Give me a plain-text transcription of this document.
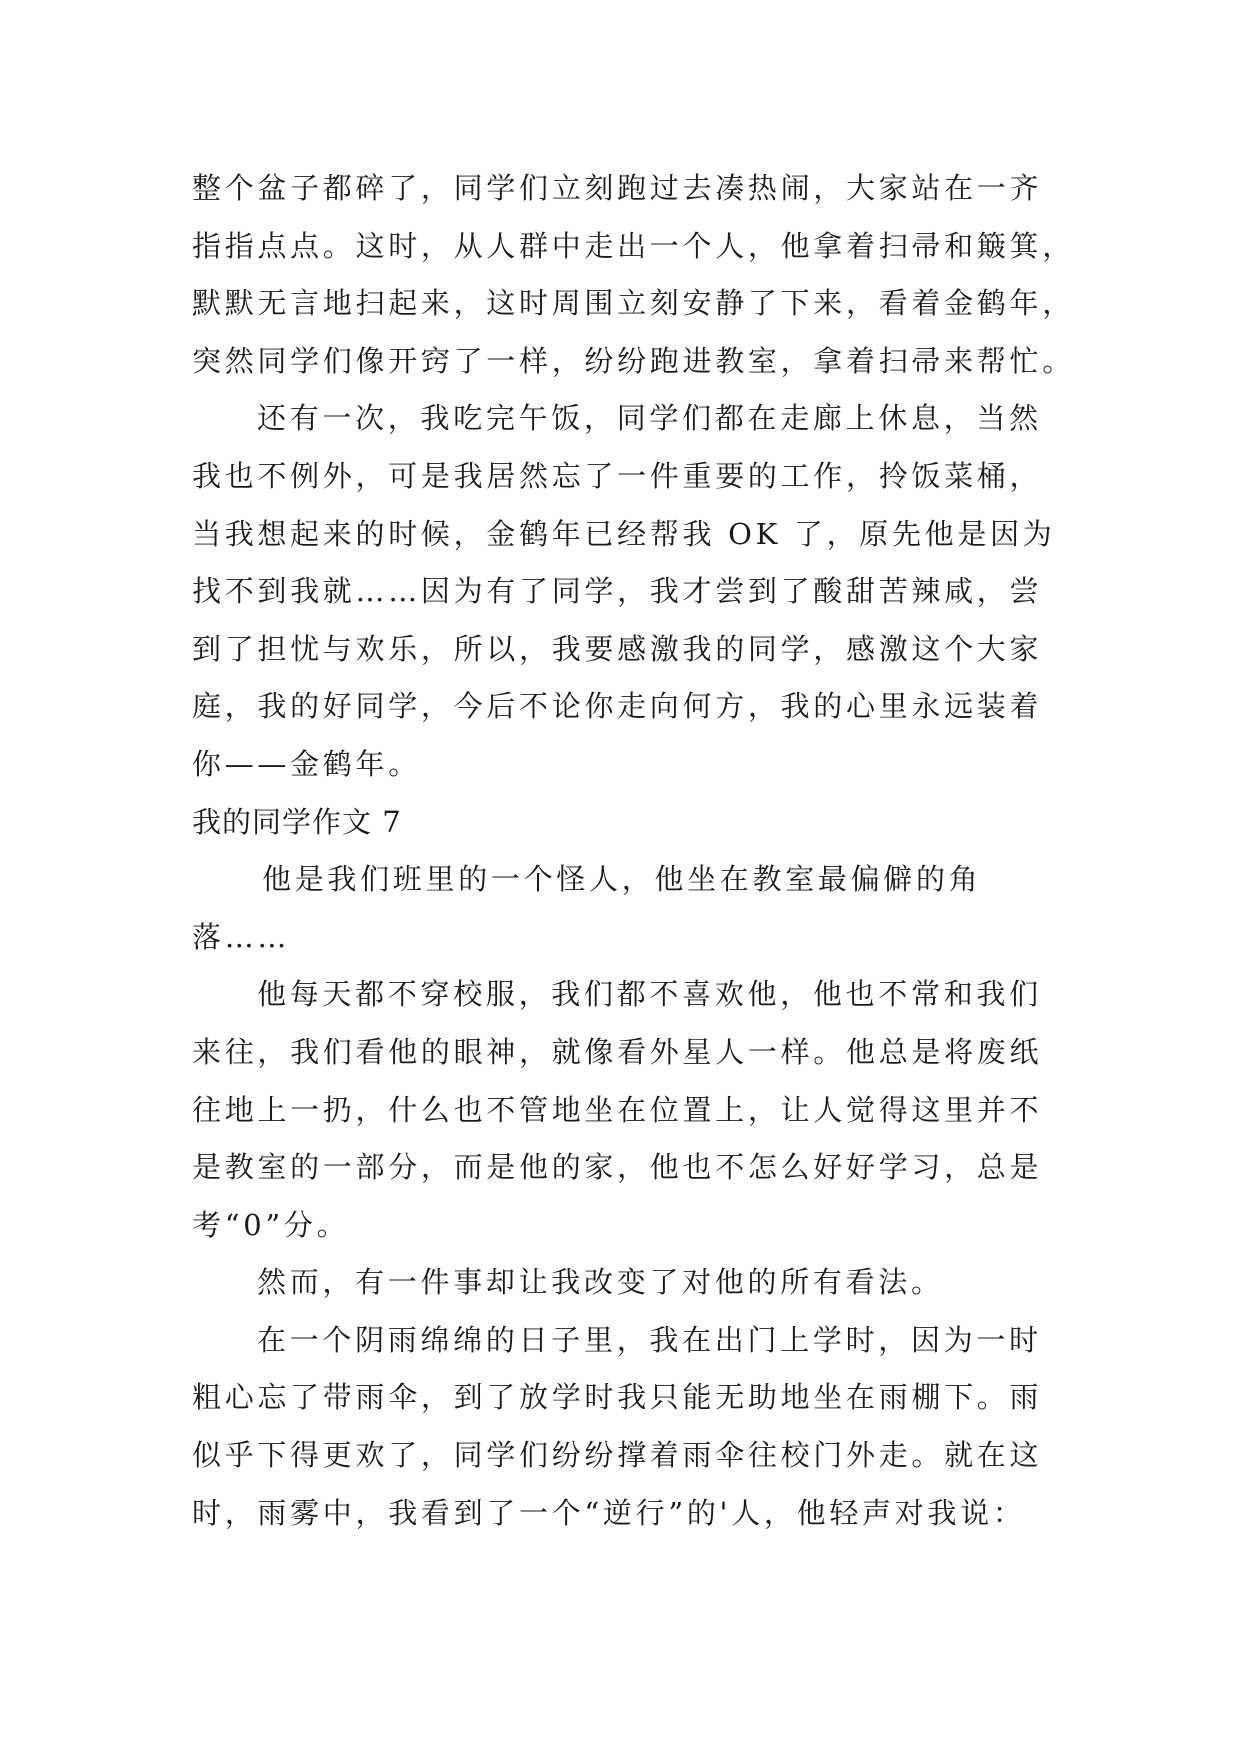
整个盆子都碎了，同学们立刻跑过去凑热闹，大家站在一齐
指指点点。这时，从人群中走出一个人，他拿着扫帚和簸箕，
默默无言地扫起来，这时周围立刻安静了下来，看着金鹤年，
突然同学们像开窍了一样，纷纷跑进教室，拿着扫帚来帮忙。
还有一次，我吃完午饭，同学们都在走廊上休息，当然
我也不例外，可是我居然忘了一件重要的工作，拎饭菜桶，
当我想起来的时候，金鹤年已经帮我 OK 了，原先他是因为
找不到我就……因为有了同学，我才尝到了酸甜苦辣咸，尝
到了担忧与欢乐，所以，我要感激我的同学，感激这个大家
庭，我的好同学，今后不论你走向何方，我的心里永远装着
你——金鹤年。
我的同学作文 7
他是我们班里的一个怪人，他坐在教室最偏僻的角
落……
他每天都不穿校服，我们都不喜欢他，他也不常和我们
来往，我们看他的眼神，就像看外星人一样。他总是将废纸
往地上一扔，什么也不管地坐在位置上，让人觉得这里并不
是教室的一部分，而是他的家，他也不怎么好好学习，总是
考“0”分。
然而，有一件事却让我改变了对他的所有看法。
在一个阴雨绵绵的日子里，我在出门上学时，因为一时
粗心忘了带雨伞，到了放学时我只能无助地坐在雨棚下。雨
似乎下得更欢了，同学们纷纷撑着雨伞往校门外走。就在这
时，雨雾中，我看到了一个“逆行”的'人，他轻声对我说：
